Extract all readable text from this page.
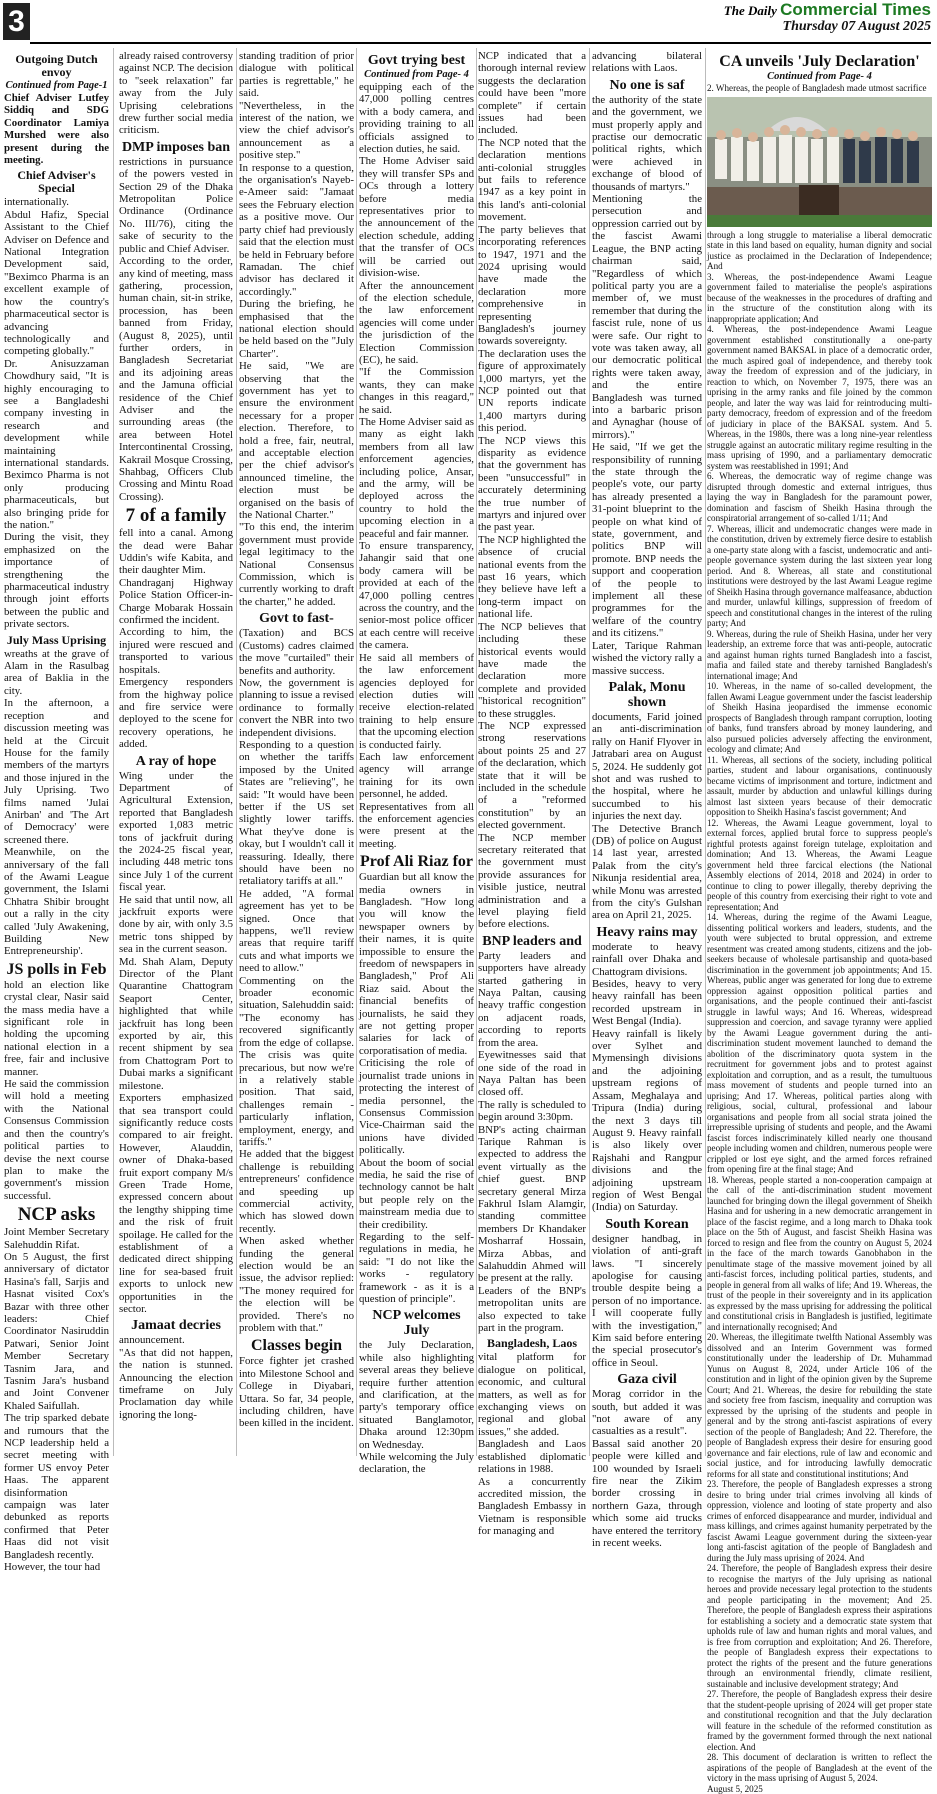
3	The Daily Commercial Times
Thursday 07 August 2025
Outgoing Dutch envoy
Continued from Page-1

Chief Adviser Lutfey Siddiq and SDG Coordinator Lamiya Murshed were also present during the meeting.

Chief Adviser's Special

internationally.
Abdul Hafiz, Special Assistant to the Chief Adviser on Defence and National Integration Development said, "Beximco Pharma is an excellent example of how the country's pharmaceutical sector is advancing technologically and competing globally."
Dr. Anisuzzaman Chowdhury said, "It is highly encouraging to see a Bangladeshi company investing in research and development while maintaining international standards. Beximco Pharma is not only producing pharmaceuticals, but also bringing pride for the nation."
During the visit, they emphasized on the importance of strengthening the pharmaceutical industry through joint efforts between the public and private sectors.

July Mass Uprising

wreaths at the grave of Alam in the Rasulbag area of Baklia in the city.
In the afternoon, a reception and discussion meeting was held at the Circuit House for the family members of the martyrs and those injured in the July Uprising. Two films named 'Julai Anirban' and 'The Art of Democracy' were screened there.
Meanwhile, on the anniversary of the fall of the Awami League government, the Islami Chhatra Shibir brought out a rally in the city called 'July Awakening, Building New Entrepreneurship'.

JS polls in Feb

hold an election like crystal clear, Nasir said the mass media have a significant role in holding the upcoming national election in a free, fair and inclusive manner.
He said the commission will hold a meeting with the National Consensus Commission and then the country's political parties to devise the next course plan to make the government's mission successful.

NCP asks

Joint Member Secretary Salehuddin Rifat.
On 5 August, the first anniversary of dictator Hasina's fall, Sarjis and Hasnat visited Cox's Bazar with three other leaders: Chief Coordinator Nasiruddin Patwari, Senior Joint Member Secretary Tasnim Jara, and Tasnim Jara's husband and Joint Convener Khaled Saifullah.
The trip sparked debate and rumours that the NCP leadership held a secret meeting with former US envoy Peter Haas. The apparent disinformation campaign was later debunked as reports confirmed that Peter Haas did not visit Bangladesh recently.
However, the tour had

already raised controversy against NCP. The decision to "seek relaxation" far away from the July Uprising celebrations drew further social media criticism.

DMP imposes ban

restrictions in pursuance of the powers vested in Section 29 of the Dhaka Metropolitan Police Ordinance (Ordinance No. III/76), citing the sake of security to the public and Chief Adviser.
According to the order, any kind of meeting, mass gathering, procession, human chain, sit-in strike, procession, has been banned from Friday, (August 8, 2025), until further orders, in Bangladesh Secretariat and its adjoining areas and the Jamuna official residence of the Chief Adviser and the surrounding areas (the area between Hotel Intercontinental Crossing, Kakrail Mosque Crossing, Shahbag, Officers Club Crossing and Mintu Road Crossing).

7 of a family

fell into a canal. Among the dead were Bahar Uddin's wife Kabita, and their daughter Mim.
Chandraganj Highway Police Station Officer-in-Charge Mobarak Hossain confirmed the incident.
According to him, the injured were rescued and transported to various hospitals.
Emergency responders from the highway police and fire service were deployed to the scene for recovery operations, he added.

A ray of hope

Wing under the Department of Agricultural Extension, reported that Bangladesh exported 1,083 metric tons of jackfruit during the 2024-25 fiscal year, including 448 metric tons since July 1 of the current fiscal year.
He said that until now, all jackfruit exports were done by air, with only 3.5 metric tons shipped by sea in the current season.
Md. Shah Alam, Deputy Director of the Plant Quarantine Chattogram Seaport Center, highlighted that while jackfruit has long been exported by air, this recent shipment by sea from Chattogram Port to Dubai marks a significant milestone.
Exporters emphasized that sea transport could significantly reduce costs compared to air freight. However, Alauddin, owner of Dhaka-based fruit export company M/s Green Trade Home, expressed concern about the lengthy shipping time and the risk of fruit spoilage. He called for the establishment of a dedicated direct shipping line for sea-based fruit exports to unlock new opportunities in the sector.

Jamaat decries

announcement.
"As that did not happen, the nation is stunned. Announcing the election timeframe on July Proclamation day while ignoring the long-

standing tradition of prior dialogue with political parties is regrettable," he said.
"Nevertheless, in the interest of the nation, we view the chief advisor's announcement as a positive step."
In response to a question, the organisation's Nayeb-e-Ameer said: "Jamaat sees the February election as a positive move. Our party chief had previously said that the election must be held in February before Ramadan. The chief advisor has declared it accordingly."
During the briefing, he emphasised that the national election should be held based on the "July Charter".
He said, "We are observing that the government has yet to ensure the environment necessary for a proper election. Therefore, to hold a free, fair, neutral, and acceptable election per the chief advisor's announced timeline, the election must be organised on the basis of the National Charter."
"To this end, the interim government must provide legal legitimacy to the National Consensus Commission, which is currently working to draft the charter," he added.

Govt to fast-

(Taxation) and BCS (Customs) cadres claimed the move "curtailed" their benefits and authority.
Now, the government is planning to issue a revised ordinance to formally convert the NBR into two independent divisions.
Responding to a question on whether the tariffs imposed by the United States are "relieving", he said: "It would have been better if the US set slightly lower tariffs. What they've done is okay, but I wouldn't call it reassuring. Ideally, there should have been no retaliatory tariffs at all."
He added, "A formal agreement has yet to be signed. Once that happens, we'll review areas that require tariff cuts and what imports we need to allow."
Commenting on the broader economic situation, Salehuddin said: "The economy has recovered significantly from the edge of collapse. The crisis was quite precarious, but now we're in a relatively stable position. That said, challenges remain - particularly inflation, employment, energy, and tariffs."
He added that the biggest challenge is rebuilding entrepreneurs' confidence and speeding up commercial activity, which has slowed down recently.
When asked whether funding the general election would be an issue, the advisor replied: "The money required for the election will be provided. There's no problem with that."

Classes begin

Force fighter jet crashed into Milestone School and College in Diyabari, Uttara. So far, 34 people, including children, have been killed in the incident.

Govt trying best
Continued from Page- 4

equipping each of the 47,000 polling centres with a body camera, and providing training to all officials assigned to election duties, he said.
The Home Adviser said they will transfer SPs and OCs through a lottery before media representatives prior to the announcement of the election schedule, adding that the transfer of OCs will be carried out division-wise.
After the announcement of the election schedule, the law enforcement agencies will come under the jurisdiction of the Election Commission (EC), he said.
"If the Commission wants, they can make changes in this reagard," he said.
The Home Adviser said as many as eight lakh members from all law enforcement agencies, including police, Ansar, and the army, will be deployed across the country to hold the upcoming election in a peaceful and fair manner.
To ensure transparency, Jahangir said that one body camera will be provided at each of the 47,000 polling centres across the country, and the senior-most police officer at each centre will receive the camera.
He said all members of the law enforcement agencies deployed for election duties will receive election-related training to help ensure that the upcoming election is conducted fairly.
Each law enforcement agency will arrange training for its own personnel, he added.
Representatives from all the enforcement agencies were present at the meeting.

Prof Ali Riaz for

Guardian but all know the media owners in Bangladesh. "How long you will know the newspaper owners by their names, it is quite impossible to ensure the freedom of newspapers in Bangladesh," Prof Ali Riaz said. About the financial benefits of journalists, he said they are not getting proper salaries for lack of corporatisation of media.
Criticising the role of journalist trade unions in protecting the interest of media personnel, the Consensus Commission Vice-Chairman said the unions have divided politically.
About the boom of social media, he said the rise of technology cannot be halt but people rely on the mainstream media due to their credibility.
Regarding to the self-regulations in media, he said: "I do not like the works - regulatory framework - as it is a question of principle".

NCP welcomes July

the July Declaration, while also highlighting several areas they believe require further attention and clarification, at the party's temporary office situated Banglamotor, Dhaka around 12:30pm on Wednesday.
While welcoming the July declaration, the

NCP indicated that a thorough internal review suggests the declaration could have been "more complete" if certain issues had been included.
The NCP noted that the declaration mentions anti-colonial struggles but fails to reference 1947 as a key point in this land's anti-colonial movement.
The party believes that incorporating references to 1947, 1971 and the 2024 uprising would have made the declaration more comprehensive in representing Bangladesh's journey towards sovereignty.
The declaration uses the figure of approximately 1,000 martyrs, yet the NCP pointed out that UN reports indicate 1,400 martyrs during this period.
The NCP views this disparity as evidence that the government has been "unsuccessful" in accurately determining the true number of martyrs and injured over the past year.
The NCP highlighted the absence of crucial national events from the past 16 years, which they believe have left a long-term impact on national life.
The NCP believes that including these historical events would have made the declaration more complete and provided "historical recognition" to these struggles.
The NCP expressed strong reservations about points 25 and 27 of the declaration, which state that it will be included in the schedule of a "reformed constitution" by an elected government.
The NCP member secretary reiterated that the government must provide assurances for visible justice, neutral administration and a level playing field before elections.

BNP leaders and

Party leaders and supporters have already started gathering in Naya Paltan, causing heavy traffic congestion on adjacent roads, according to reports from the area.
Eyewitnesses said that one side of the road in Naya Paltan has been closed off.
The rally is scheduled to begin around 3:30pm.
BNP's acting chairman Tarique Rahman is expected to address the event virtually as the chief guest. BNP secretary general Mirza Fakhrul Islam Alamgir, standing committee members Dr Khandaker Mosharraf Hossain, Mirza Abbas, and Salahuddin Ahmed will be present at the rally.
Leaders of the BNP's metropolitan units are also expected to take part in the program.

Bangladesh, Laos

vital platform for dialogue on political, economic, and cultural matters, as well as for exchanging views on regional and global issues," she added.
Bangladesh and Laos established diplomatic relations in 1988.
As a concurrently accredited mission, the Bangladesh Embassy in Vietnam is responsible for managing and

advancing bilateral relations with Laos.

No one is saf

the authority of the state and the government, we must properly apply and practise our democratic political rights, which were achieved in exchange of blood of thousands of martyrs."
Mentioning the persecution and oppression carried out by the fascist Awami League, the BNP acting chairman said, "Regardless of which political party you are a member of, we must remember that during the fascist rule, none of us were safe. Our right to vote was taken away, all our democratic political rights were taken away, and the entire Bangladesh was turned into a barbaric prison and Aynaghar (house of mirrors)."
He said, "If we get the responsibility of running the state through the people's vote, our party has already presented a 31-point blueprint to the people on what kind of state, government, and politics BNP will promote. BNP needs the support and cooperation of the people to implement all these programmes for the welfare of the country and its citizens."
Later, Tarique Rahman wished the victory rally a massive success.

Palak, Monu shown

documents, Farid joined an anti-discrimination rally on Hanif Flyover in Jatrabari area on August 5, 2024. He suddenly got shot and was rushed to the hospital, where he succumbed to his injuries the next day.
The Detective Branch (DB) of police on August 14 last year, arrested Palak from the city's Nikunja residential area, while Monu was arrested from the city's Gulshan area on April 21, 2025.

Heavy rains may

moderate to heavy rainfall over Dhaka and Chattogram divisions.
Besides, heavy to very heavy rainfall has been recorded upstream in West Bengal (India).
Heavy rainfall is likely over Sylhet and Mymensingh divisions and the adjoining upstream regions of Assam, Meghalaya and Tripura (India) during the next 3 days till August 9. Heavy rainfall is also likely over Rajshahi and Rangpur divisions and the adjoining upstream region of West Bengal (India) on Saturday.

South Korean

designer handbag, in violation of anti-graft laws. "I sincerely apologise for causing trouble despite being a person of no importance. I will cooperate fully with the investigation," Kim said before entering the special prosecutor's office in Seoul.

Gaza civil

Morag corridor in the south, but added it was "not aware of any casualties as a result".
Bassal said another 20 people were killed and 100 wounded by Israeli fire near the Zikim border crossing in northern Gaza, through which some aid trucks have entered the territory in recent weeks.

CA unveils 'July Declaration'
Continued from Page- 4

2. Whereas, the people of Bangladesh made utmost sacrifice

through a long struggle to materialise a liberal democratic state in this land based on equality, human dignity and social justice as proclaimed in the Declaration of Independence; And
3. Whereas, the post-independence Awami League government failed to materialise the people's aspirations because of the weaknesses in the procedures of drafting and in the structure of the constitution along with its inappropriate application; And
4. Whereas, the post-independence Awami League government established constitutionally a one-party government named BAKSAL in place of a democratic order, the much aspired goal of independence, and thereby took away the freedom of expression and of the judiciary, in reaction to which, on November 7, 1975, there was an uprising in the army ranks and file joined by the common people, and later the way was laid for reintroducing multi-party democracy, freedom of expression and of the freedom of judiciary in place of the BAKSAL system. And 5. Whereas, in the 1980s, there was a long nine-year relentless struggle against an autocratic military regime resulting in the mass uprising of 1990, and a parliamentary democratic system was reestablished in 1991; And
6. Whereas, the democratic way of regime change was disrupted through domestic and external intrigues, thus laying the way in Bangladesh for the paramount power, domination and fascism of Sheikh Hasina through the conspiratorial arrangement of so-called 1/11; And
7. Whereas, illicit and undemocratic changes were made in the constitution, driven by extremely fierce desire to establish a one-party state along with a fascist, undemocratic and anti-people governance system during the last sixteen year long period. And 8. Whereas, all state and constitutional institutions were destroyed by the last Awami League regime of Sheikh Hasina through governance malfeasance, abduction and murder, unlawful killings, suppression of freedom of speech and constitutional changes in the interest of the ruling party; And
9. Whereas, during the rule of Sheikh Hasina, under her very leadership, an extreme force that was anti-people, autocratic and against human rights turned Bangladesh into a fascist, mafia and failed state and thereby tarnished Bangladesh's international image; And
10. Whereas, in the name of so-called development, the fallen Awami League government under the fascist leadership of Sheikh Hasina jeopardised the immense economic prospects of Bangladesh through rampant corruption, looting of banks, fund transfers abroad by money laundering, and also pursued policies adversely affecting the environment, ecology and climate; And
11. Whereas, all sections of the society, including political parties, student and labour organisations, continuously became victims of imprisonment and torture, indictment and assault, murder by abduction and unlawful killings during almost last sixteen years because of their democratic opposition to Sheikh Hasina's fascist government; And
12. Whereas, the Awami League government, loyal to external forces, applied brutal force to suppress people's rightful protests against foreign tutelage, exploitation and domination; And 13. Whereas, the Awami League government held three farcical elections (the National Assembly elections of 2014, 2018 and 2024) in order to continue to cling to power illegally, thereby depriving the people of this country from exercising their right to vote and representation; And
14. Whereas, during the regime of the Awami League, dissenting political workers and leaders, students, and the youth were subjected to brutal oppression, and extreme resentment was created among students, citizens and the job-seekers because of wholesale partisanship and quota-based discrimination in the government job appointments; And 15. Whereas, public anger was generated for long due to extreme oppression against opposition political parties and organisations, and the people continued their anti-fascist struggle in lawful ways; And 16. Whereas, widespread suppression and coercion, and savage tyranny were applied by the Awami League government during the anti-discrimination student movement launched to demand the abolition of the discriminatory quota system in the recruitment for government jobs and to protest against exploitation and corruption, and as a result, the tumultuous mass movement of students and people turned into an uprising; And 17. Whereas, political parties along with religious, social, cultural, professional and labour organisations and people from all social strata joined the irrepressible uprising of students and people, and the Awami fascist forces indiscriminately killed nearly one thousand people including women and children, numerous people were crippled or lost eye sight, and the armed forces refrained from opening fire at the final stage; And
18. Whereas, people started a non-cooperation campaign at the call of the anti-discrimination student movement launched for bringing down the illegal government of Sheikh Hasina and for ushering in a new democratic arrangement in place of the fascist regime, and a long march to Dhaka took place on the 5th of August, and fascist Sheikh Hasina was forced to resign and flee from the country on August 5, 2024 in the face of the march towards Ganobhabon in the penultimate stage of the massive movement joined by all anti-fascist forces, including political parties, students, and people in general from all walks of life; And 19. Whereas, the trust of the people in their sovereignty and in its application as expressed by the mass uprising for addressing the political and constitutional crisis in Bangladesh is justified, legitimate and internationally recognised; And
20. Whereas, the illegitimate twelfth National Assembly was dissolved and an Interim Government was formed constitutionally under the leadership of Dr. Muhammad Yunus on August 8, 2024, under Article 106 of the constitution and in light of the opinion given by the Supreme Court; And 21. Whereas, the desire for rebuilding the state and society free from fascism, inequality and corruption was expressed by the uprising of the students and people in general and by the strong anti-fascist aspirations of every section of the people of Bangladesh; And 22. Therefore, the people of Bangladesh express their desire for ensuring good governance and fair elections, rule of law and economic and social justice, and for introducing lawfully democratic reforms for all state and constitutional institutions; And
23. Therefore, the people of Bangladesh expresses a strong desire to bring under trial crimes involving all kinds of oppression, violence and looting of state property and also crimes of enforced disappearance and murder, individual and mass killings, and crimes against humanity perpetrated by the fascist Awami League government during the sixteen-year long anti-fascist agitation of the people of Bangladesh and during the July mass uprising of 2024. And
24. Therefore, the people of Bangladesh express their desire to recognise the martyrs of the July uprising as national heroes and provide necessary legal protection to the students and people participating in the movement; And 25. Therefore, the people of Bangladesh express their aspirations for establishing a society and a democratic state system that upholds rule of law and human rights and moral values, and is free from corruption and exploitation; And 26. Therefore, the people of Bangladesh express their expectations to protect the rights of the present and the future generations through an environmental friendly, climate resilient, sustainable and inclusive development strategy; And
27. Therefore, the people of Bangladesh express their desire that the student-people uprising of 2024 will get proper state and constitutional recognition and that the July declaration will feature in the schedule of the reformed constitution as framed by the government formed through the next national election. And
28. This document of declaration is written to reflect the aspirations of the people of Bangladesh at the event of the victory in the mass uprising of August 5, 2024.
August 5, 2025
